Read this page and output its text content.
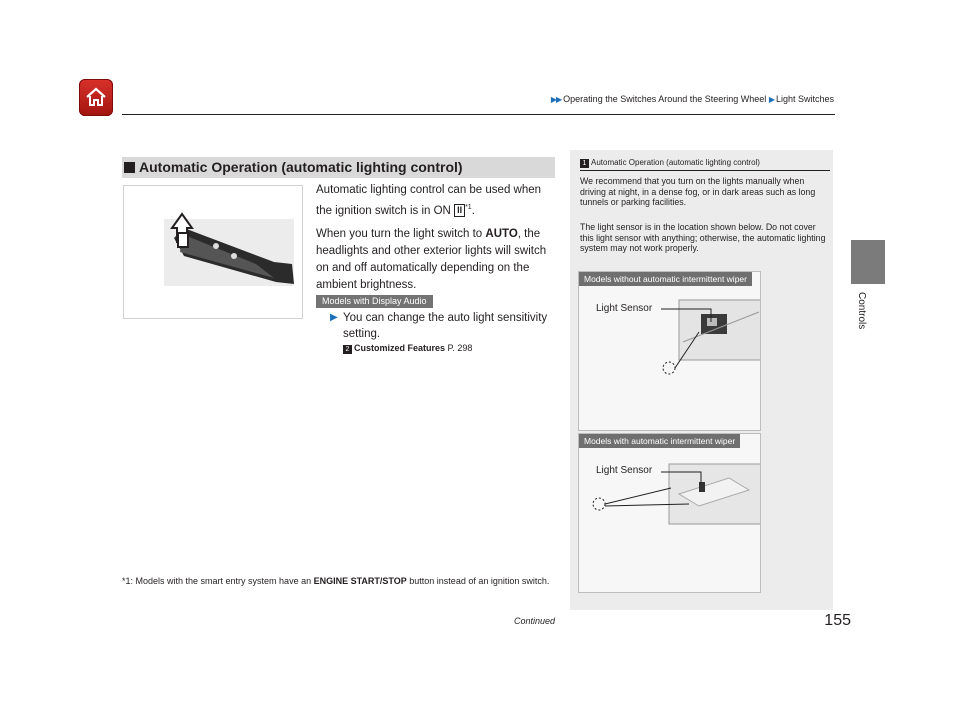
▶▶ Operating the Switches Around the Steering Wheel ▶ Light Switches
Controls
Automatic Operation (automatic lighting control)
Automatic lighting control can be used when the ignition switch is in ON II $^{*1}$.
When you turn the light switch to AUTO, the headlights and other exterior lights will switch on and off automatically depending on the ambient brightness.
Models with Display Audio
▶ You can change the auto light sensitivity setting.
2 Customized Features P. 298
*1: Models with the smart entry system have an ENGINE START/STOP button instead of an ignition switch.
Continued	155
1 Automatic Operation (automatic lighting control)
We recommend that you turn on the lights manually when driving at night, in a dense fog, or in dark areas such as long tunnels or parking facilities.
The light sensor is in the location shown below. Do not cover this light sensor with anything; otherwise, the automatic lighting system may not work properly.
Models without automatic intermittent wiper
Light Sensor
Models with automatic intermittent wiper
Light Sensor
